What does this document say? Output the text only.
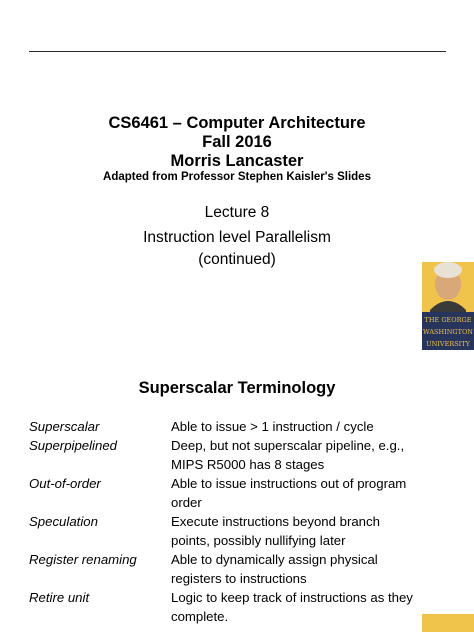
CS6461 – Computer Architecture
Fall 2016
Morris Lancaster
Adapted from Professor Stephen Kaisler's Slides
Lecture 8
Instruction level Parallelism
(continued)
THE GEORGE
WASHINGTON
UNIVERSITY
Superscalar Terminology
Superscalar	Able to issue > 1 instruction / cycle
Superpipelined	Deep, but not superscalar pipeline, e.g.,
MIPS R5000 has 8 stages
Out-of-order	Able to issue instructions out of program
order
Speculation	Execute instructions beyond branch
points, possibly nullifying later
Register renaming	Able to dynamically assign physical
registers to instructions
Retire unit	Logic to keep track of instructions as they
complete.
